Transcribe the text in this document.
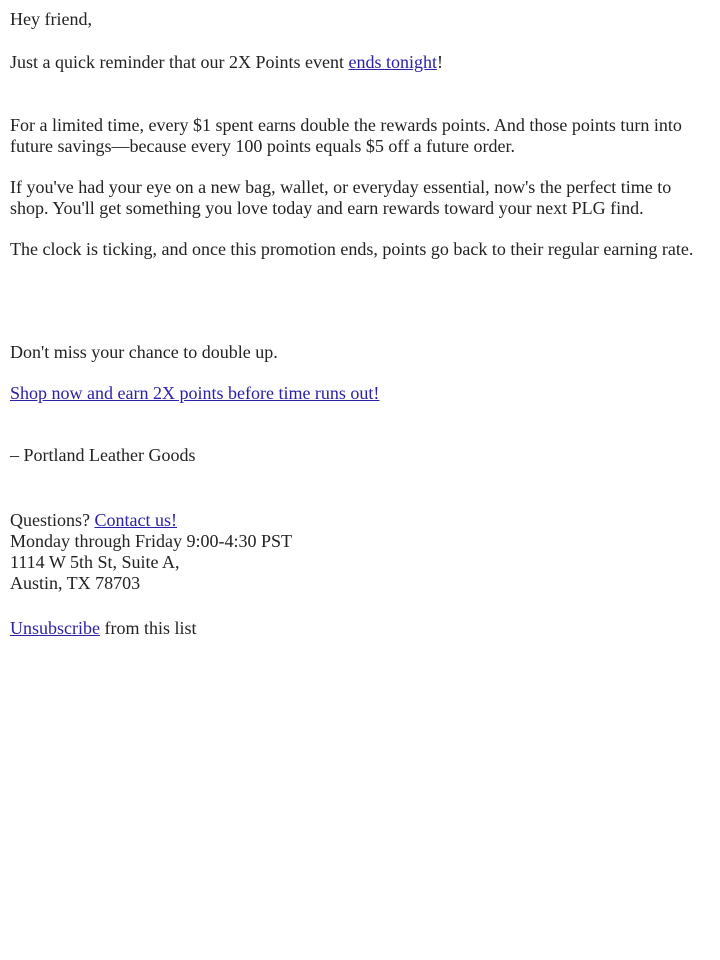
Hey friend,

Just a quick reminder that our 2X Points event ends tonight!

For a limited time, every $1 spent earns double the rewards points. And those points turn into future savings—because every 100 points equals $5 off a future order.

If you've had your eye on a new bag, wallet, or everyday essential, now's the perfect time to shop. You'll get something you love today and earn rewards toward your next PLG find.

The clock is ticking, and once this promotion ends, points go back to their regular earning rate.

Don't miss your chance to double up.

Shop now and earn 2X points before time runs out!

– Portland Leather Goods

Questions? Contact us!
Monday through Friday 9:00-4:30 PST
1114 W 5th St, Suite A,
Austin, TX 78703

Unsubscribe from this list
